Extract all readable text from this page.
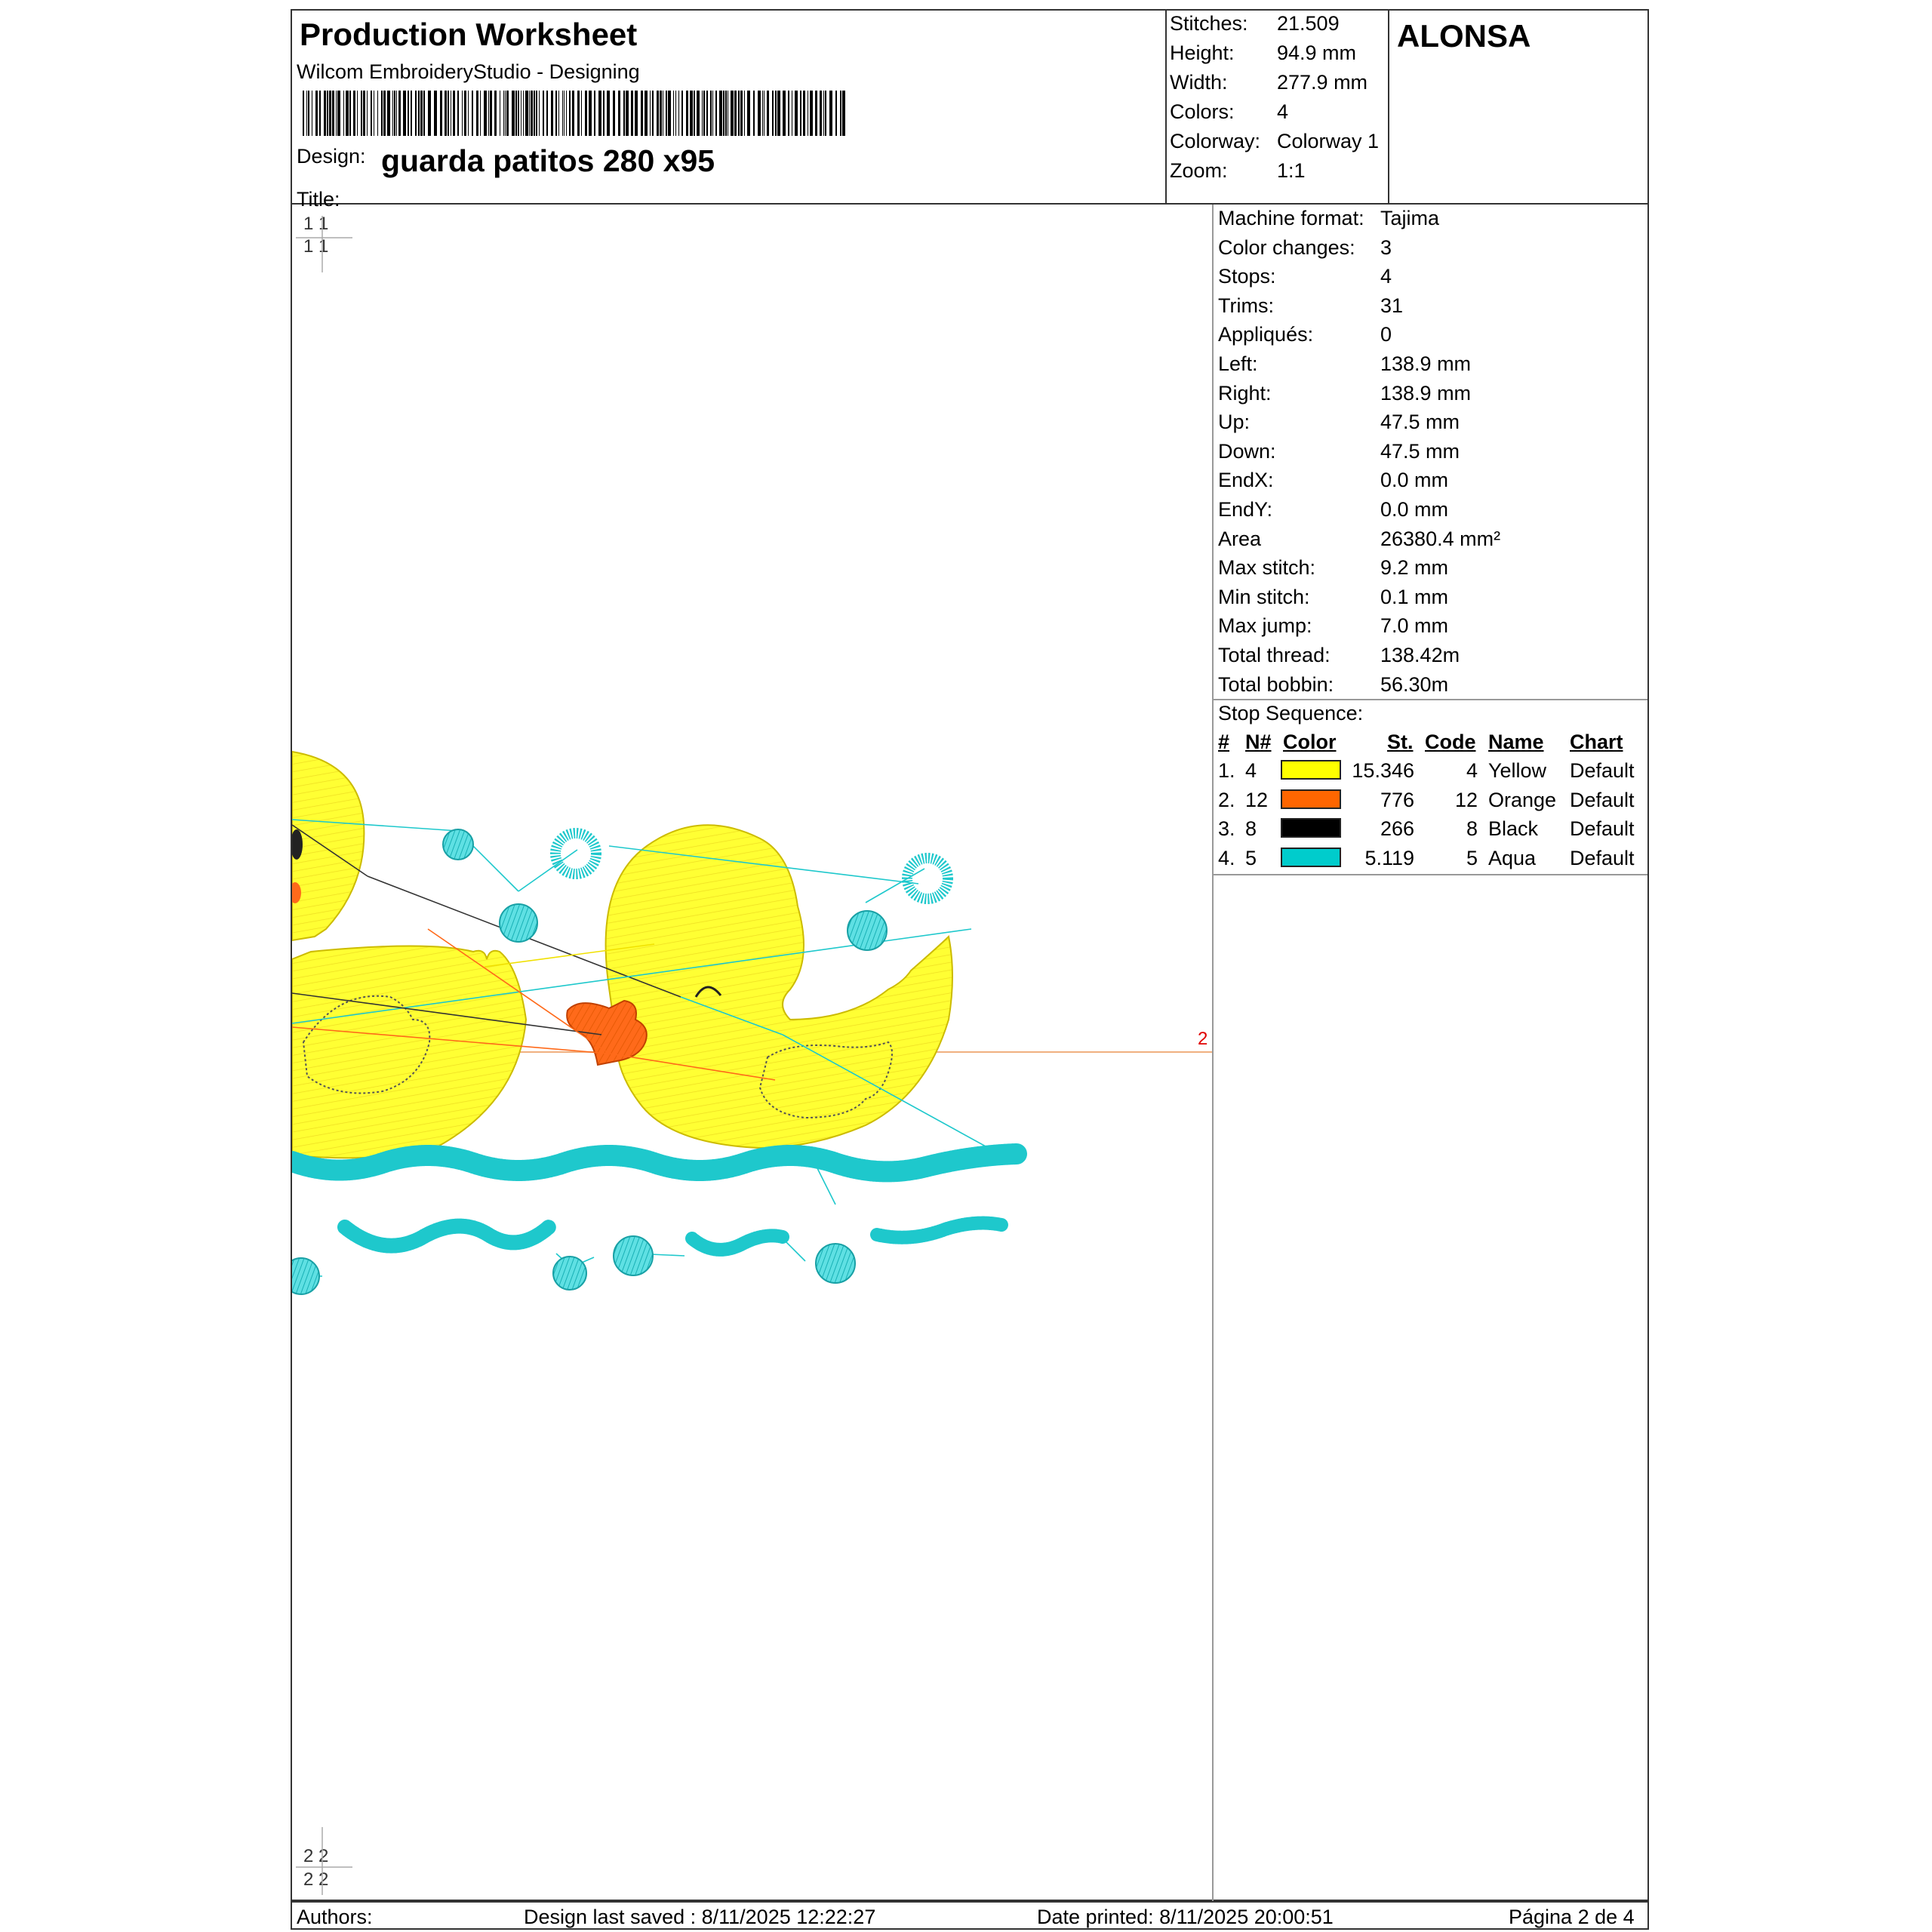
Production Worksheet
Wilcom EmbroideryStudio - Designing
Design: guarda patitos 280 x95
Title:
Stitches: 21.509
Height: 94.9 mm
Width: 277.9 mm
Colors: 4
Colorway: Colorway 1
Zoom: 1:1
ALONSA
1 1
1 1
2 2
2 2
2
Machine format: Tajima
Color changes: 3
Stops:	4
Trims:	31
Appliqués:	0
Left:	138.9 mm
Right:	138.9 mm
Up:	47.5 mm
Down:	47.5 mm
EndX:	0.0 mm
EndY:	0.0 mm
Area	26380.4 mm²
Max stitch:	9.2 mm
Min stitch:	0.1 mm
Max jump:	7.0 mm
Total thread: 138.42m
Total bobbin: 56.30m
Stop Sequence:
# N# Color	St. Code Name Chart
1. 4	15.346	4 Yellow Default
2. 12	776 12 Orange Default
3. 8	266	8 Black Default
4. 5	5.119	5 Aqua Default
Authors:	Design last saved : 8/11/2025 12:22:27	Date printed: 8/11/2025 20:00:51	Página 2 de 4
